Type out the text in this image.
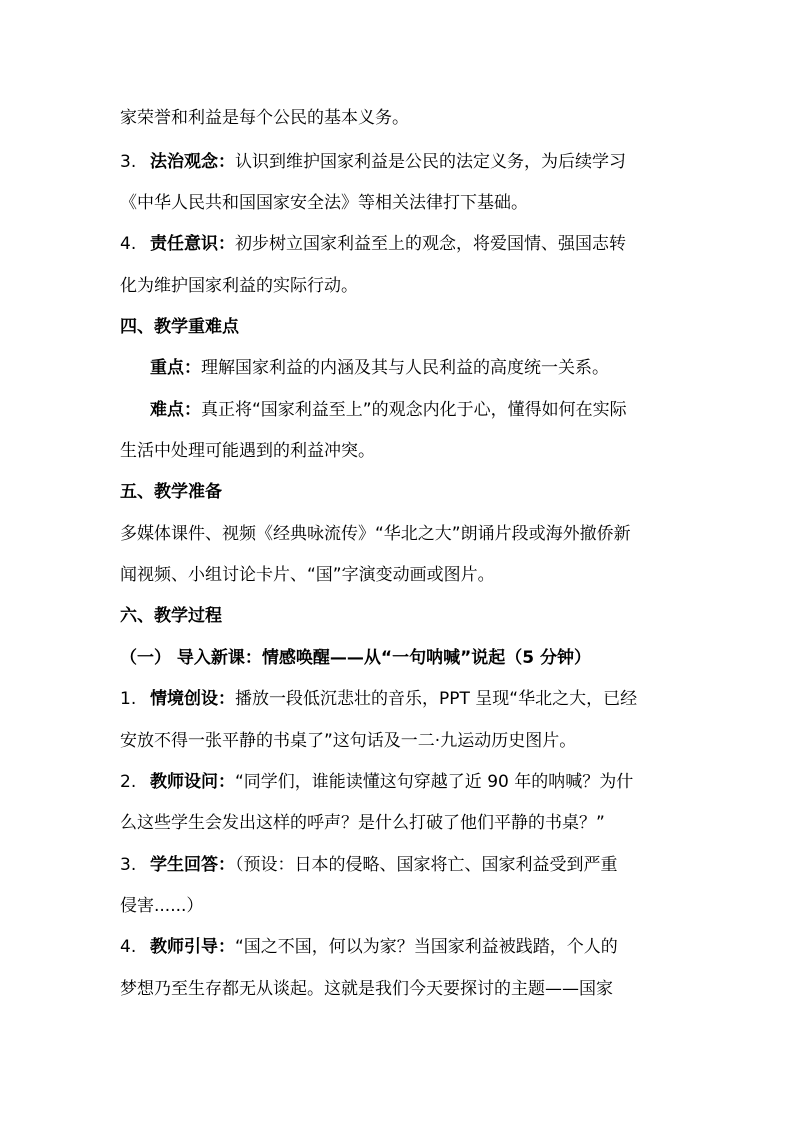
家荣誉和利益是每个公民的基本义务。
3. 法治观念：认识到维护国家利益是公民的法定义务，为后续学习
《中华人民共和国国家安全法》等相关法律打下基础。
4. 责任意识：初步树立国家利益至上的观念，将爱国情、强国志转
化为维护国家利益的实际行动。
四、教学重难点
重点：理解国家利益的内涵及其与人民利益的高度统一关系。
难点：真正将“国家利益至上”的观念内化于心，懂得如何在实际
生活中处理可能遇到的利益冲突。
五、教学准备
多媒体课件、视频《经典咏流传》“华北之大”朗诵片段或海外撤侨新
闻视频、小组讨论卡片、“国”字演变动画或图片。
六、教学过程
（一） 导入新课：情感唤醒——从“一句呐喊”说起（5 分钟）
1. 情境创设：播放一段低沉悲壮的音乐，PPT 呈现“华北之大，已经
安放不得一张平静的书桌了”这句话及一二·九运动历史图片。
2. 教师设问：“同学们，谁能读懂这句穿越了近 90 年的呐喊？为什
么这些学生会发出这样的呼声？是什么打破了他们平静的书桌？”
3. 学生回答：（预设：日本的侵略、国家将亡、国家利益受到严重
侵害......）
4. 教师引导：“国之不国，何以为家？当国家利益被践踏，个人的
梦想乃至生存都无从谈起。这就是我们今天要探讨的主题——国家
